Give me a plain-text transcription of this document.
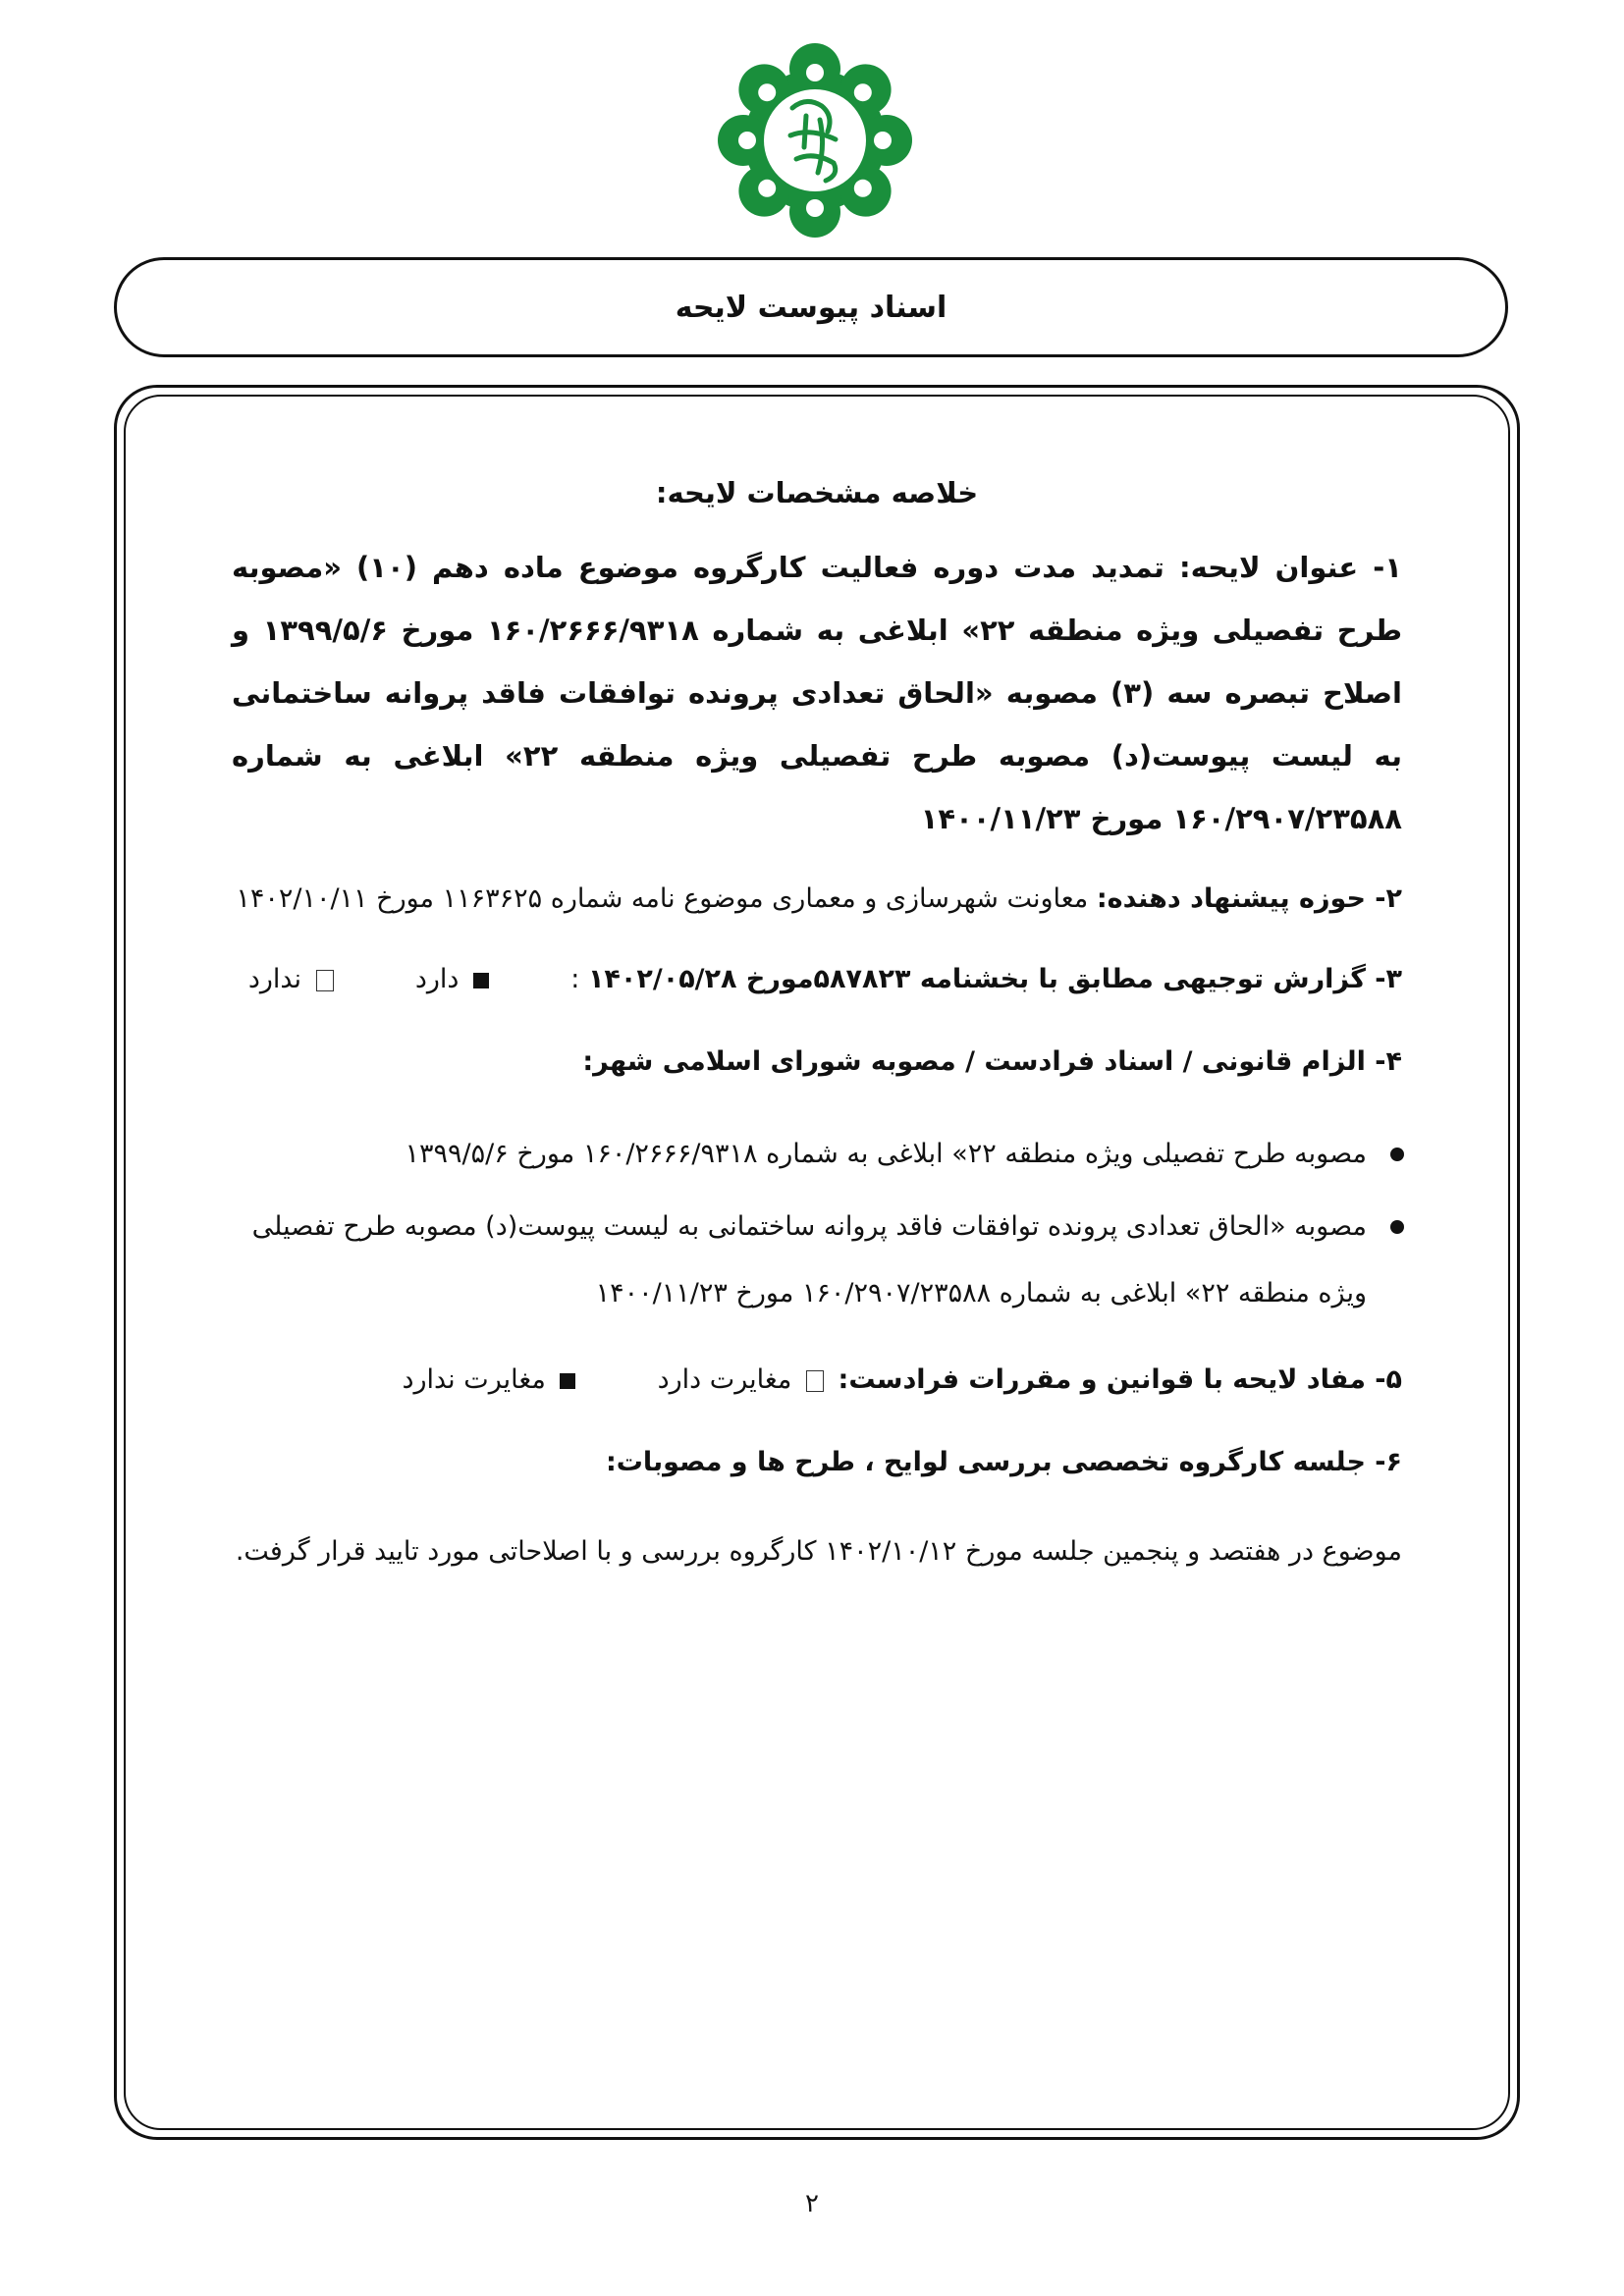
اسناد پیوست لایحه
خلاصه مشخصات لایحه:

۱- عنوان لایحه: تمدید مدت دوره فعالیت کارگروه موضوع ماده دهم (۱۰) «مصوبه طرح تفصیلی ویژه منطقه ۲۲» ابلاغی به شماره ۱۶۰/۲۶۶۶/۹۳۱۸ مورخ ۱۳۹۹/۵/۶ و اصلاح تبصره سه (۳) مصوبه «الحاق تعدادی پرونده توافقات فاقد پروانه ساختمانی به لیست پیوست(د) مصوبه طرح تفصیلی ویژه منطقه ۲۲» ابلاغی به شماره ۱۶۰/۲۹۰۷/۲۳۵۸۸ مورخ ۱۴۰۰/۱۱/۲۳

۲- حوزه پیشنهاد دهنده: معاونت شهرسازی و معماری موضوع نامه شماره ۱۱۶۳۶۲۵ مورخ ۱۴۰۲/۱۰/۱۱

۳- گزارش توجیهی مطابق با بخشنامه ۵۸۷۸۲۳مورخ ۱۴۰۲/۰۵/۲۸ :   دارد   ندارد

۴- الزام قانونی / اسناد فرادست / مصوبه شورای اسلامی شهر:

مصوبه طرح تفصیلی ویژه منطقه ۲۲» ابلاغی به شماره ۱۶۰/۲۶۶۶/۹۳۱۸ مورخ ۱۳۹۹/۵/۶
مصوبه «الحاق تعدادی پرونده توافقات فاقد پروانه ساختمانی به لیست پیوست(د) مصوبه طرح تفصیلی ویژه منطقه ۲۲» ابلاغی به شماره ۱۶۰/۲۹۰۷/۲۳۵۸۸ مورخ ۱۴۰۰/۱۱/۲۳

۵- مفاد لایحه با قوانین و مقررات فرادست:  مغایرت دارد   مغایرت ندارد

۶- جلسه کارگروه تخصصی بررسی لوایح ، طرح ها و مصوبات:

موضوع در هفتصد و پنجمین جلسه مورخ ۱۴۰۲/۱۰/۱۲ کارگروه بررسی و با اصلاحاتی مورد تایید قرار گرفت.

۲
